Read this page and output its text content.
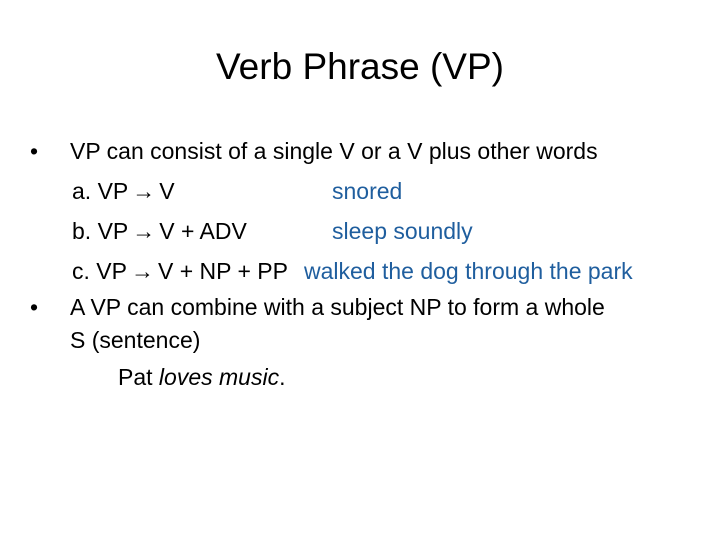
Verb Phrase (VP)
•	VP can consist of a single V or a V plus other words
a. VP → V	snored
b. VP → V + ADV	sleep soundly
c. VP → V + NP + PP walked the dog through the park
•	A VP can combine with a subject NP to form a whole
S (sentence)
Pat loves music.
